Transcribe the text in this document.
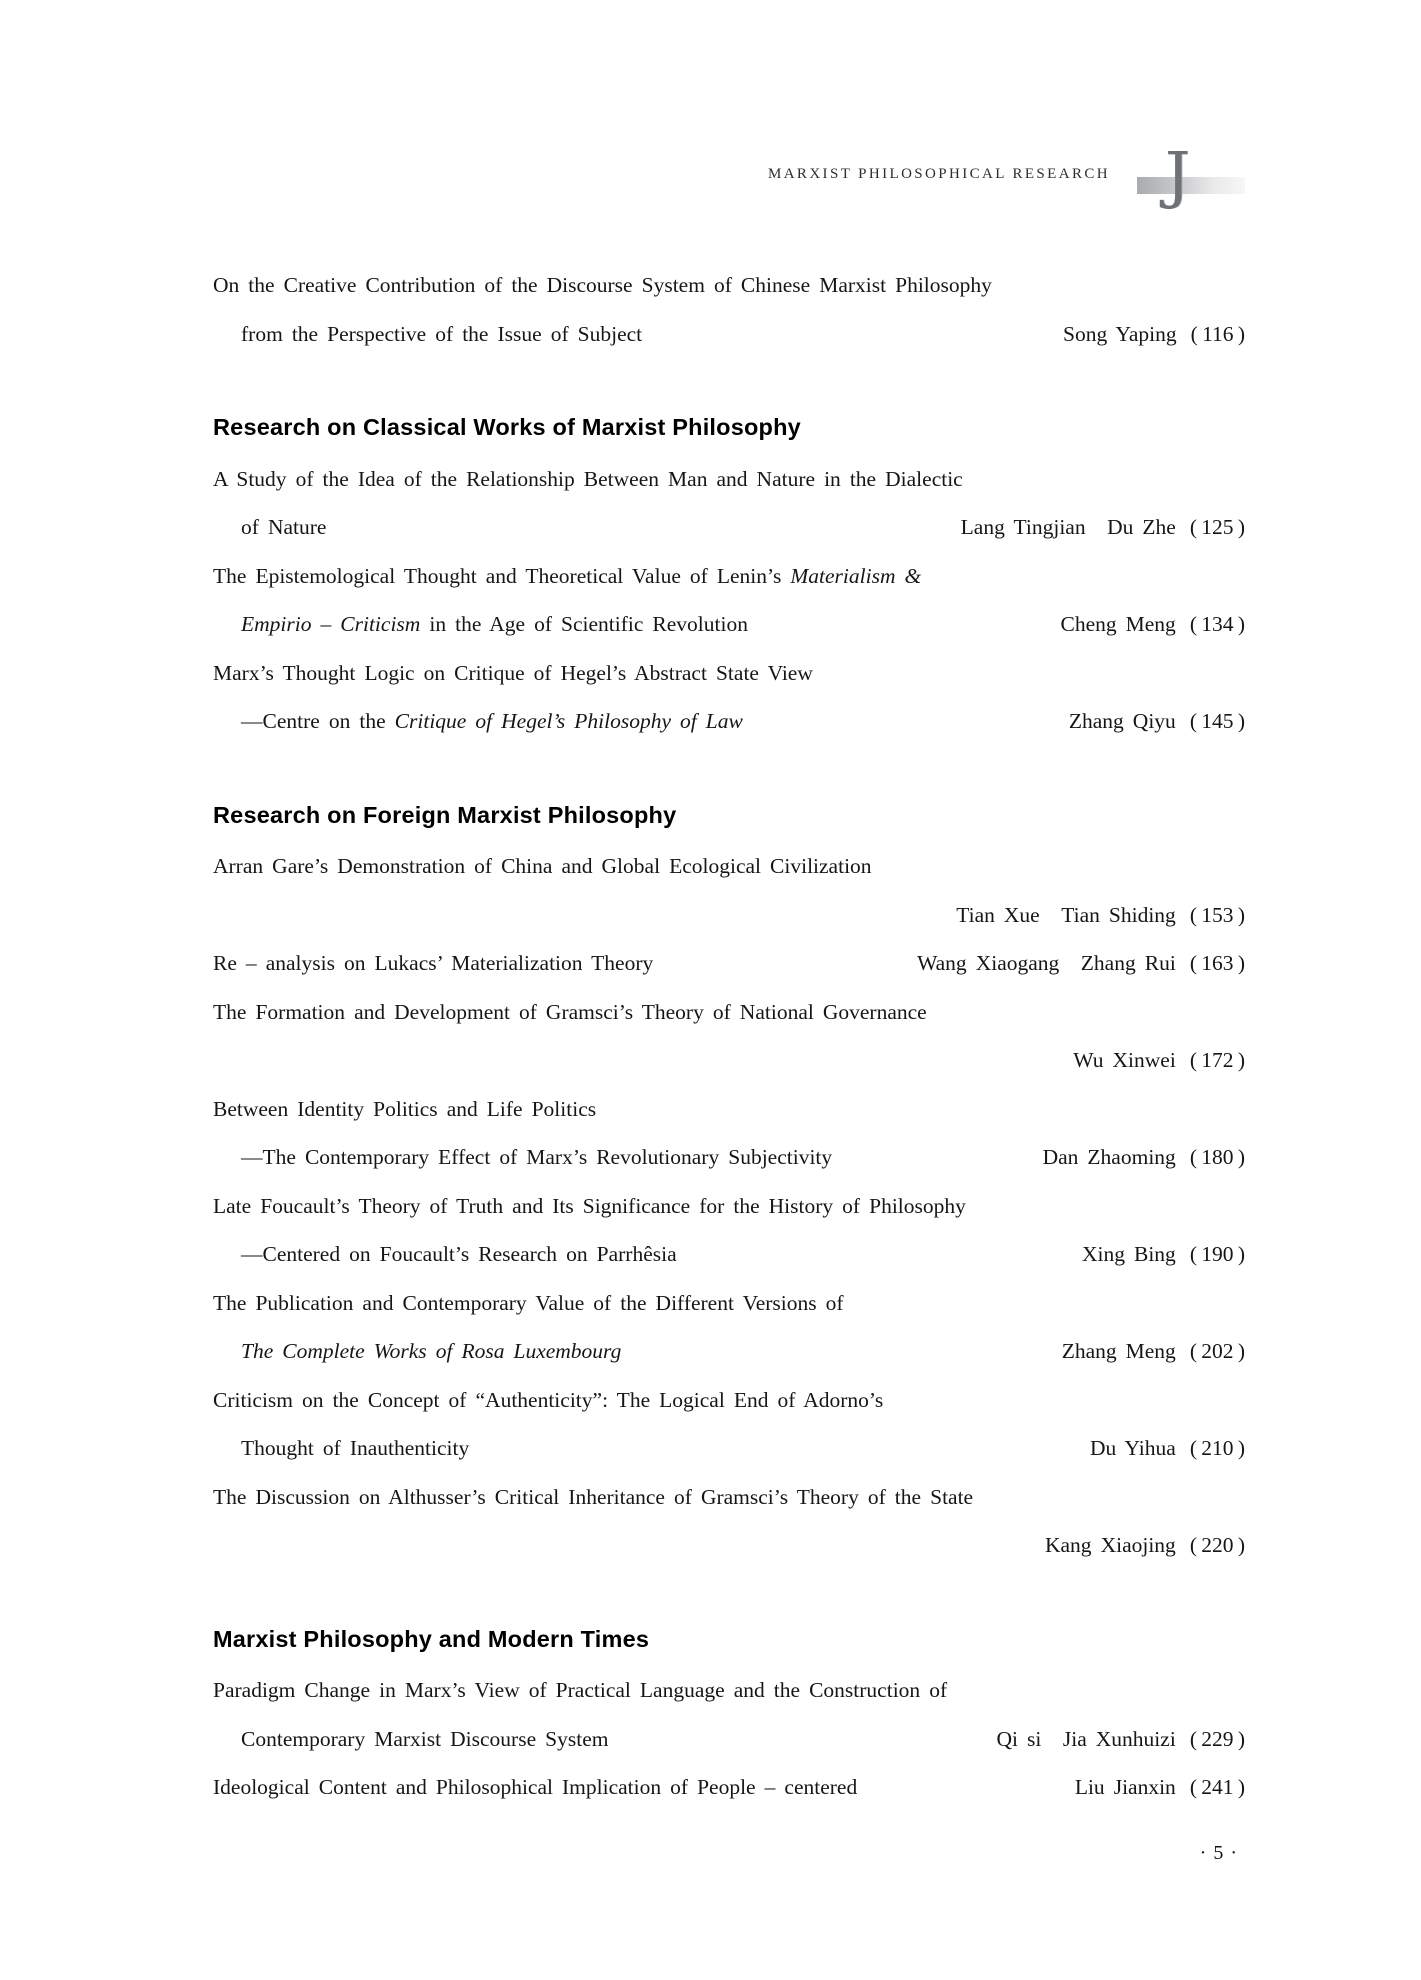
MARXIST PHILOSOPHICAL RESEARCH J
On the Creative Contribution of the Discourse System of Chinese Marxist Philosophy
from the Perspective of the Issue of Subject	Song Yaping ( 116 )
Research on Classical Works of Marxist Philosophy
A Study of the Idea of the Relationship Between Man and Nature in the Dialectic
of Nature	Lang Tingjian Du Zhe ( 125 )
The Epistemological Thought and Theoretical Value of Lenin’s Materialism &
Empirio – Criticism in the Age of Scientific Revolution	Cheng Meng ( 134 )
Marx’s Thought Logic on Critique of Hegel’s Abstract State View
—Centre on the Critique of Hegel’s Philosophy of Law	Zhang Qiyu ( 145 )
Research on Foreign Marxist Philosophy
Arran Gare’s Demonstration of China and Global Ecological Civilization
Tian Xue Tian Shiding ( 153 )
Re – analysis on Lukacs’ Materialization Theory	Wang Xiaogang Zhang Rui ( 163 )
The Formation and Development of Gramsci’s Theory of National Governance
Wu Xinwei ( 172 )
Between Identity Politics and Life Politics
—The Contemporary Effect of Marx’s Revolutionary Subjectivity	Dan Zhaoming ( 180 )
Late Foucault’s Theory of Truth and Its Significance for the History of Philosophy
—Centered on Foucault’s Research on Parrhêsia	Xing Bing ( 190 )
The Publication and Contemporary Value of the Different Versions of
The Complete Works of Rosa Luxembourg	Zhang Meng ( 202 )
Criticism on the Concept of “Authenticity”: The Logical End of Adorno’s
Thought of Inauthenticity	Du Yihua ( 210 )
The Discussion on Althusser’s Critical Inheritance of Gramsci’s Theory of the State
Kang Xiaojing ( 220 )
Marxist Philosophy and Modern Times
Paradigm Change in Marx’s View of Practical Language and the Construction of
Contemporary Marxist Discourse System	Qi si Jia Xunhuizi ( 229 )
Ideological Content and Philosophical Implication of People – centered	Liu Jianxin ( 241 )
· 5 ·
